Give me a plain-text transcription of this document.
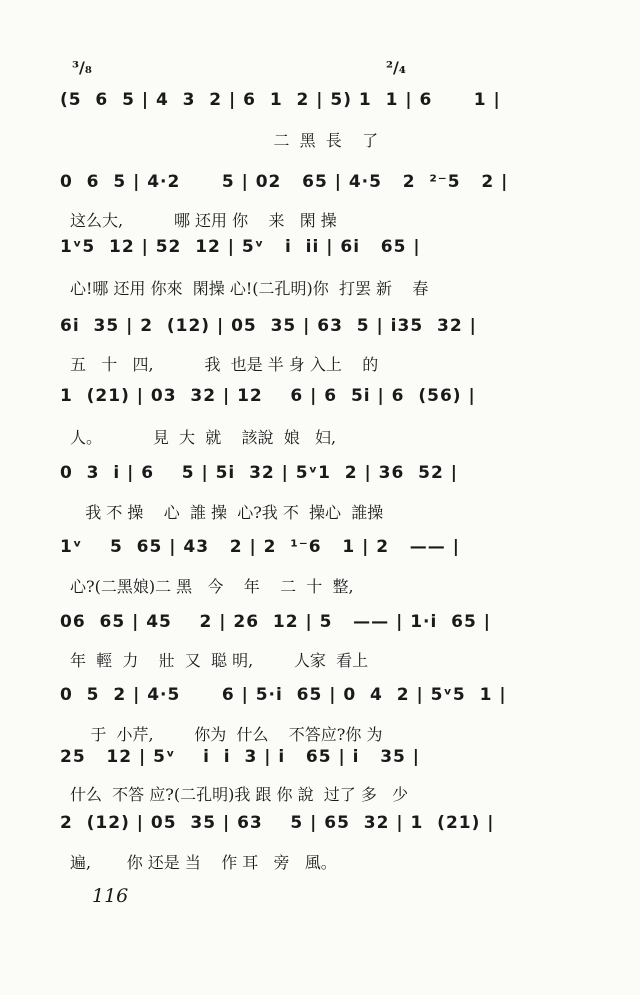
³/₈	²/₄
(5  6  5 | 4  3  2 | 6  1  2 | 5) 1  1 | 6      1 |
二  黑  長    了
0  6  5 | 4·2      5 | 02   65 | 4·5   2  ²⁻5   2 |
这么大,          哪 还用 你    来   閑 操
1ᵛ5  12 | 52  12 | 5ᵛ   i  ii | 6i   65 |
心!哪 还用 你來  閑操 心!(二孔明)你  打罢 新    春
6i  35 | 2  (12) | 05  35 | 63  5 | i35  32 |
五   十   四,          我  也是 半 身 入上    的
1  (21) | 03  32 | 12    6 | 6  5i | 6  (56) |
人。          見  大  就    該說  娘   妇,
0  3  i | 6    5 | 5i  32 | 5ᵛ1  2 | 36  52 |
我 不 操    心  誰 操  心?我 不  操心  誰操
1ᵛ    5  65 | 43   2 | 2  ¹⁻6   1 | 2   —— |
心?(二黑娘)二 黑   今    年    二  十  整,
06  65 | 45    2 | 26  12 | 5   —— | 1·i  65 |
年  輕  力    壯  又  聪 明,        人家  看上
0  5  2 | 4·5      6 | 5·i  65 | 0  4  2 | 5ᵛ5  1 |
于  小芹,        你为  什么    不答应?你 为
25   12 | 5ᵛ    i  i  3 | i   65 | i   35 |
什么  不答 应?(二孔明)我 跟 你 說  过了 多   少
2  (12) | 05  35 | 63    5 | 65  32 | 1  (21) |
遍,       你 还是 当    作 耳   旁   風。
116
